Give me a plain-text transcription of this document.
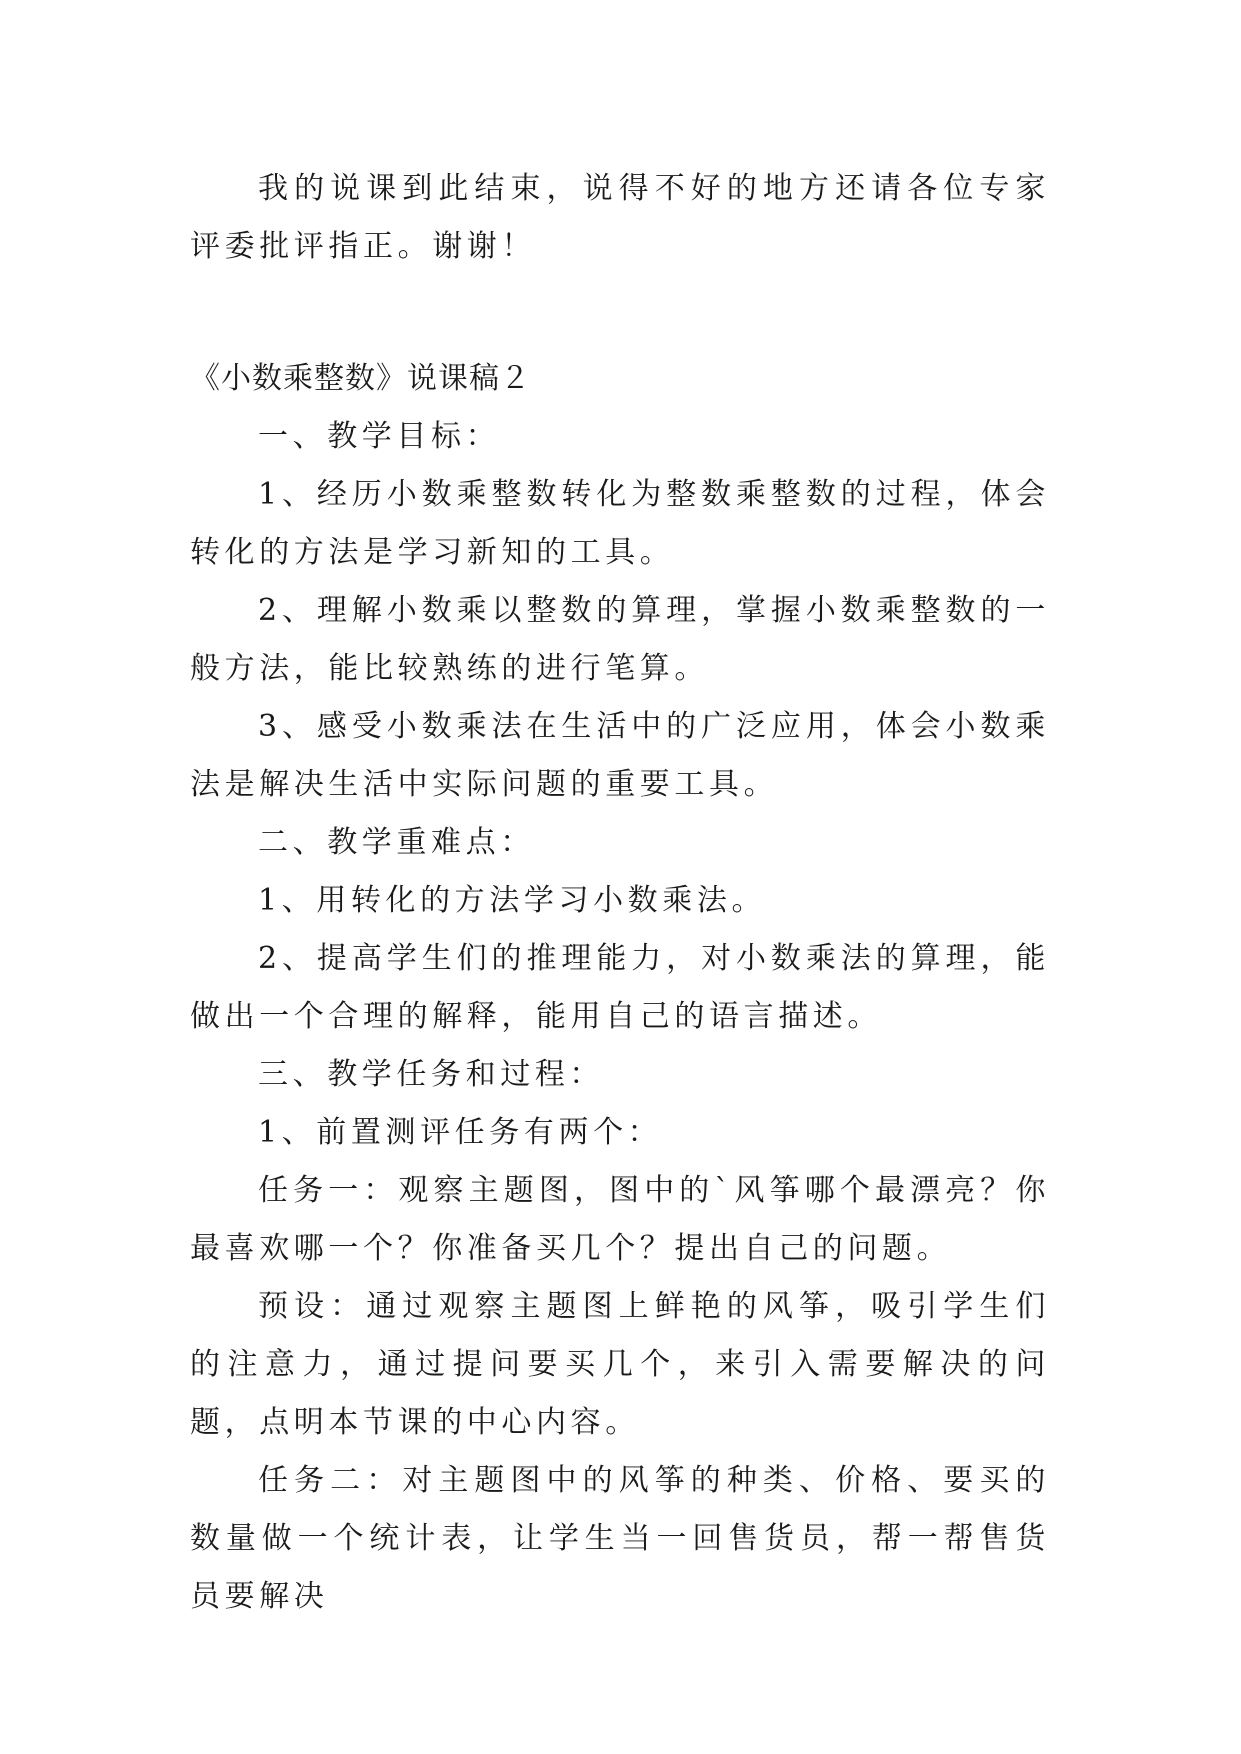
我的说课到此结束，说得不好的地方还请各位专家评委批评指正。谢谢！

《小数乘整数》说课稿２

一、教学目标：

1、经历小数乘整数转化为整数乘整数的过程，体会转化的方法是学习新知的工具。

2、理解小数乘以整数的算理，掌握小数乘整数的一般方法，能比较熟练的进行笔算。

3、感受小数乘法在生活中的广泛应用，体会小数乘法是解决生活中实际问题的重要工具。

二、教学重难点：

1、用转化的方法学习小数乘法。

2、提高学生们的推理能力，对小数乘法的算理，能做出一个合理的解释，能用自己的语言描述。

三、教学任务和过程：

1、前置测评任务有两个：

任务一：观察主题图，图中的`风筝哪个最漂亮？你最喜欢哪一个？你准备买几个？提出自己的问题。

预设：通过观察主题图上鲜艳的风筝，吸引学生们的注意力，通过提问要买几个，来引入需要解决的问题，点明本节课的中心内容。

任务二：对主题图中的风筝的种类、价格、要买的数量做一个统计表，让学生当一回售货员，帮一帮售货员要解决
